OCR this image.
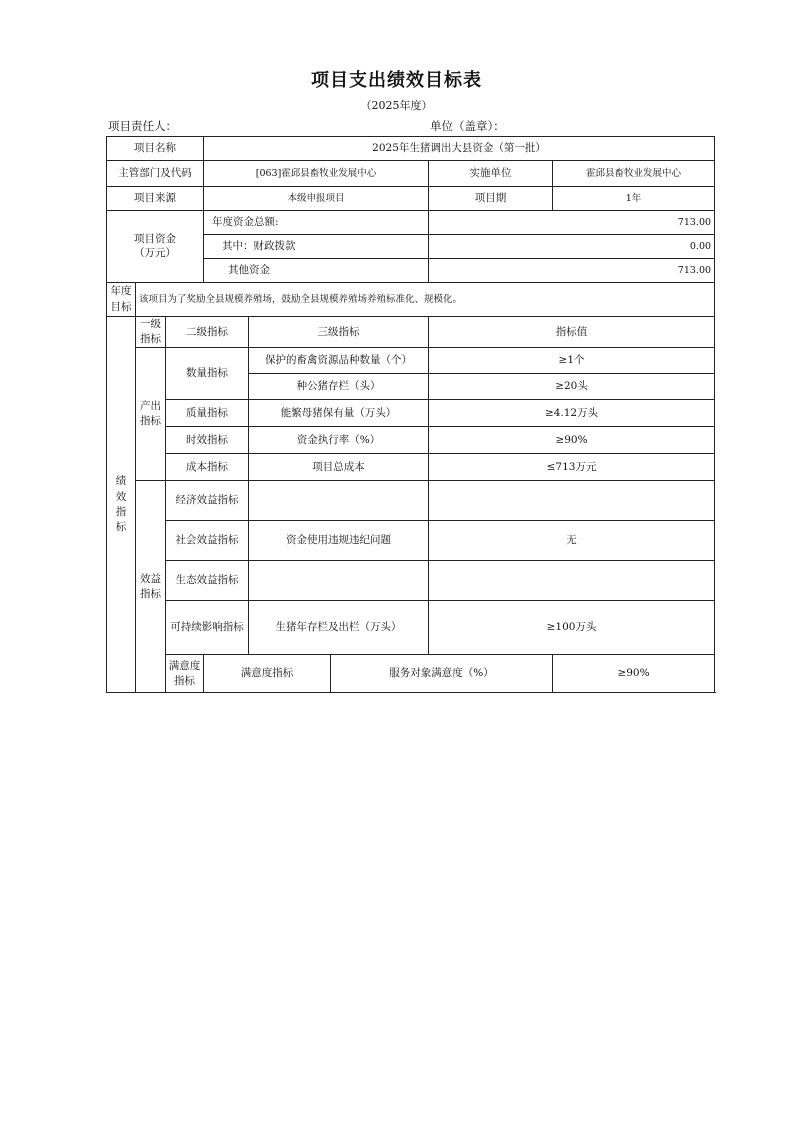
项目支出绩效目标表
（2025年度）
项目责任人：	单位（盖章）：
项目名称			2025年生猪调出大县资金（第一批）				
主管部门及代码			[063]霍邱县畜牧业发展中心			实施单位	霍邱县畜牧业发展中心
项目来源			本级申报项目			项目期	1年
项目资金（万元）			年度资金总额:			713.00	
			其中：财政拨款			0.00	
			其他资金			713.00	
年度目标	该项目为了奖励全县规模养殖场，鼓励全县规模养殖场养殖标准化、规模化。						
绩效指标	一级指标	二级指标		三级指标		指标值	
	产出指标	数量指标		保护的畜禽资源品种数量（个）		≥1个	
				种公猪存栏（头）		≥20头	
		质量指标		能繁母猪保有量（万头）		≥4.12万头	
		时效指标		资金执行率（%）		≥90%	
		成本指标		项目总成本		≤713万元	
	效益指标	经济效益指标					
		社会效益指标		资金使用违规违纪问题		无	
		生态效益指标					
		可持续影响指标		生猪年存栏及出栏（万头）		≥100万头	
		满意度指标	满意度指标		服务对象满意度（%）		≥90%
